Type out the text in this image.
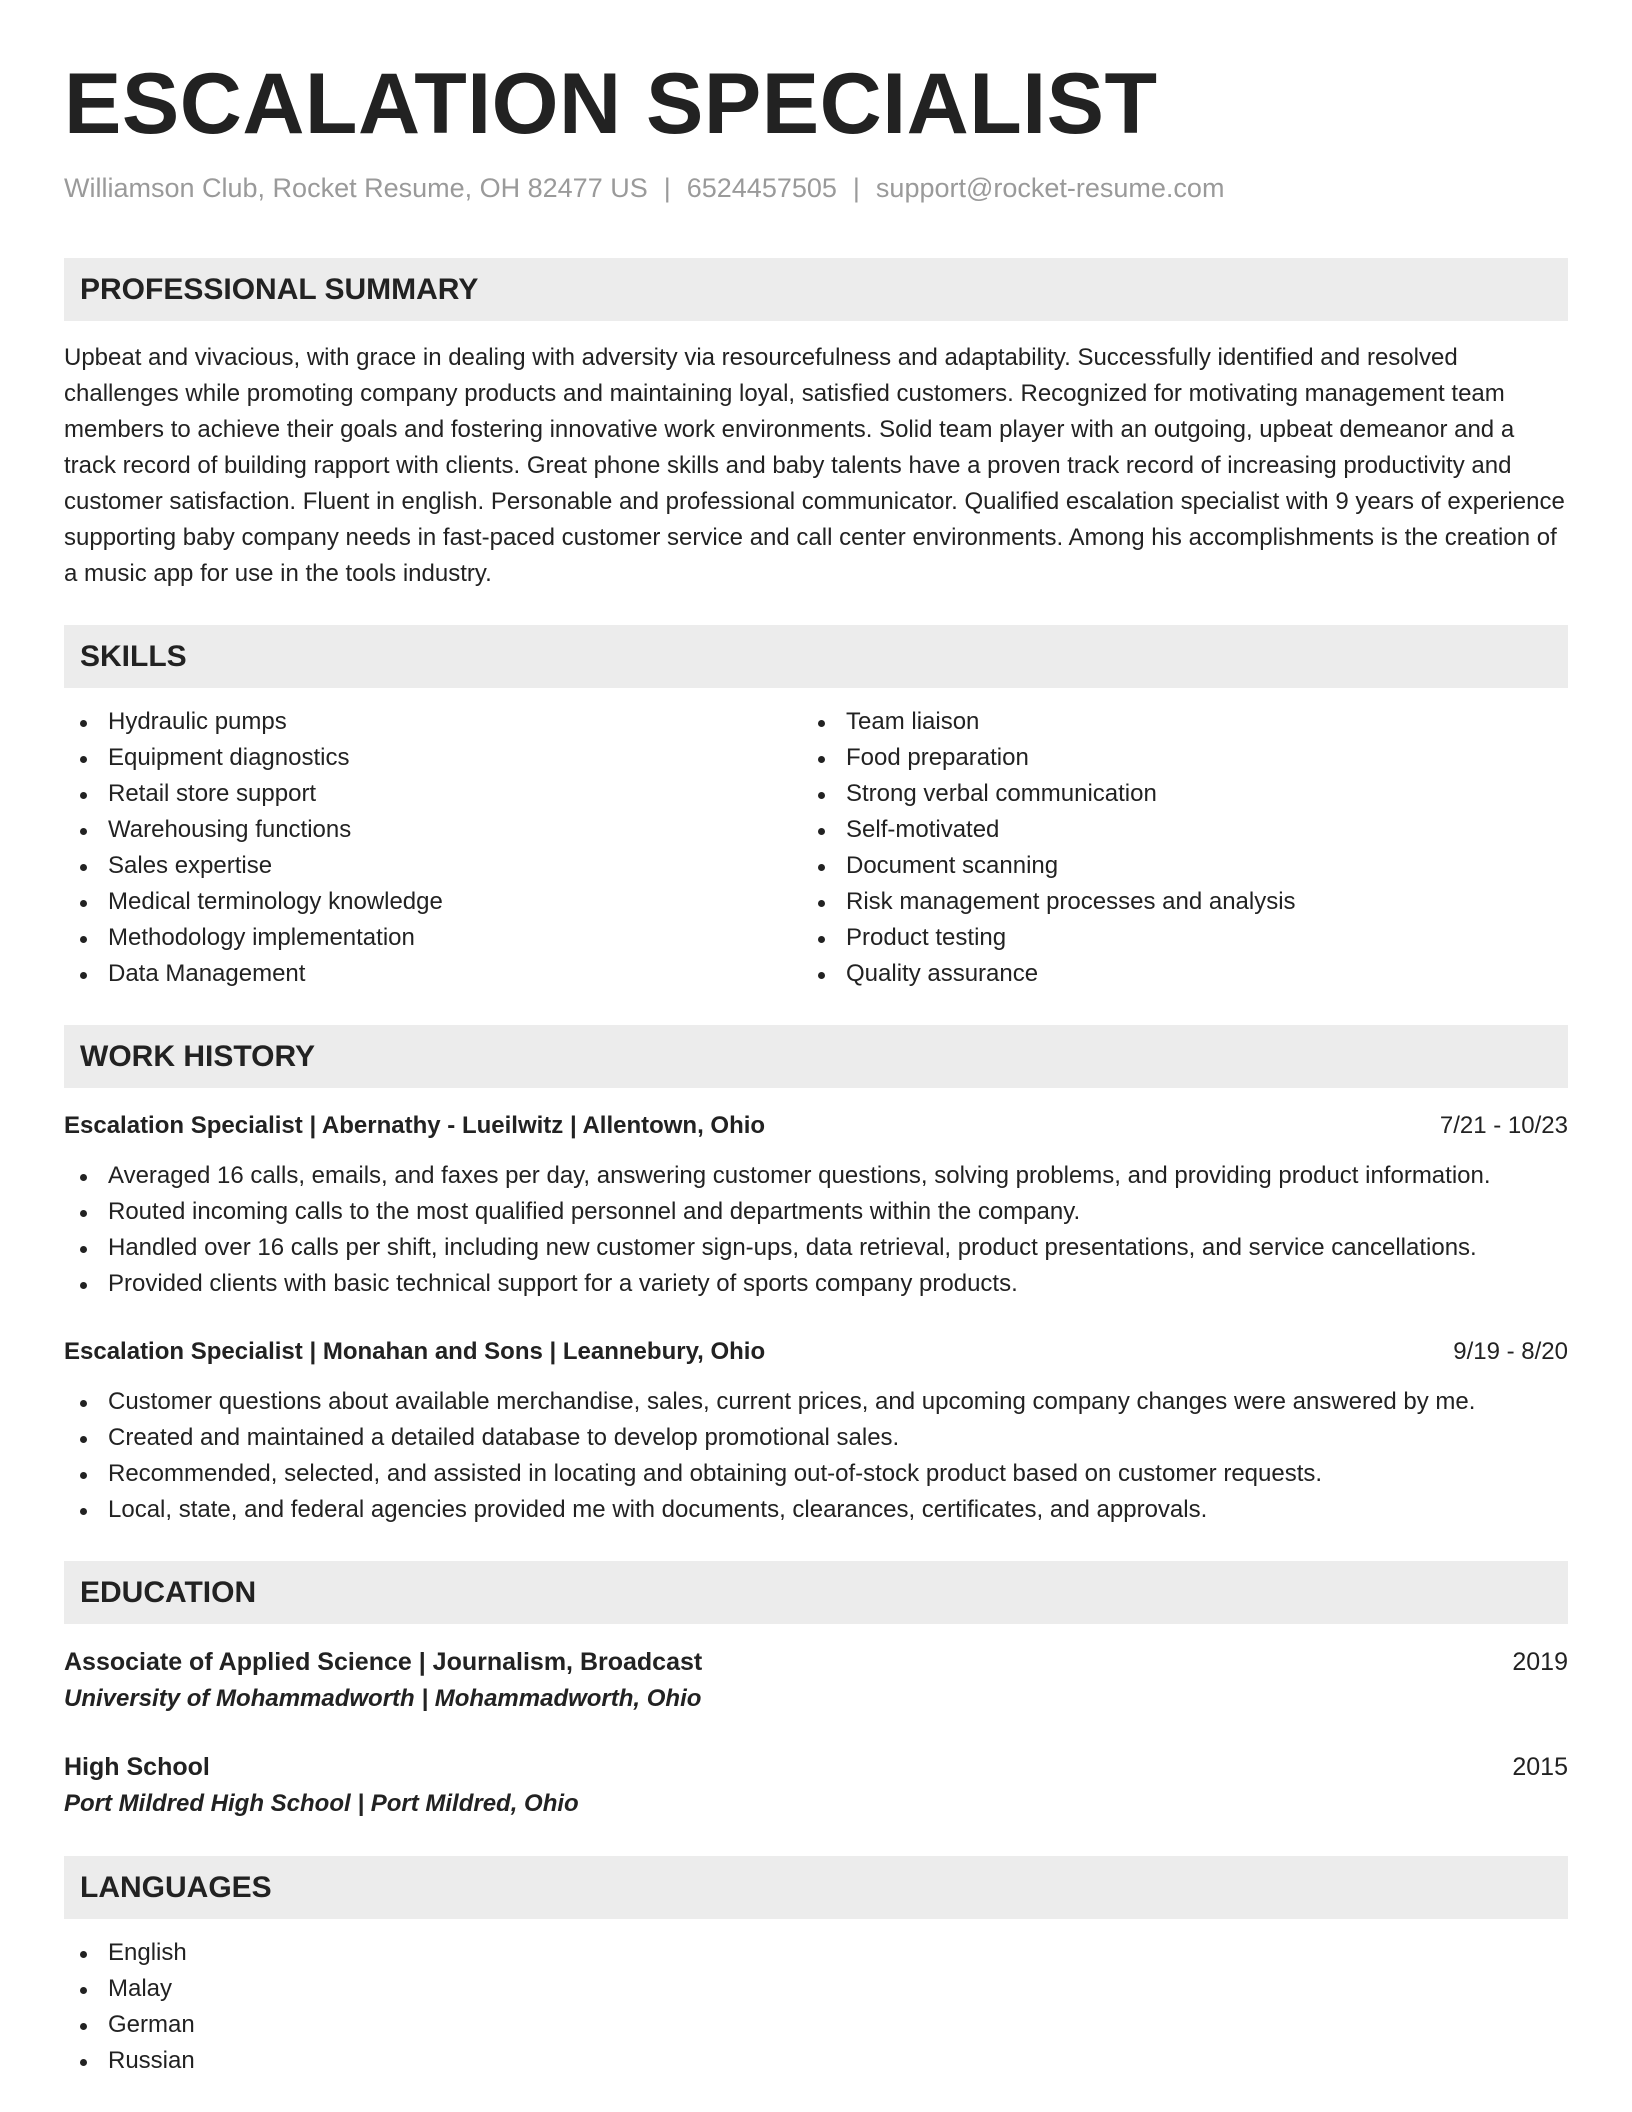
ESCALATION SPECIALIST
Williamson Club, Rocket Resume, OH 82477 US | 6524457505 | support@rocket-resume.com
PROFESSIONAL SUMMARY

Upbeat and vivacious, with grace in dealing with adversity via resourcefulness and adaptability. Successfully identified and resolved challenges while promoting company products and maintaining loyal, satisfied customers. Recognized for motivating management team members to achieve their goals and fostering innovative work environments. Solid team player with an outgoing, upbeat demeanor and a track record of building rapport with clients. Great phone skills and baby talents have a proven track record of increasing productivity and customer satisfaction. Fluent in english. Personable and professional communicator. Qualified escalation specialist with 9 years of experience supporting baby company needs in fast-paced customer service and call center environments. Among his accomplishments is the creation of a music app for use in the tools industry.

SKILLS
Hydraulic pumps
Equipment diagnostics
Retail store support
Warehousing functions
Sales expertise
Medical terminology knowledge
Methodology implementation
Data Management
Team liaison
Food preparation
Strong verbal communication
Self-motivated
Document scanning
Risk management processes and analysis
Product testing
Quality assurance
WORK HISTORY
Escalation Specialist | Abernathy - Lueilwitz | Allentown, Ohio	7/21 - 10/23
Averaged 16 calls, emails, and faxes per day, answering customer questions, solving problems, and providing product information.
Routed incoming calls to the most qualified personnel and departments within the company.
Handled over 16 calls per shift, including new customer sign-ups, data retrieval, product presentations, and service cancellations.
Provided clients with basic technical support for a variety of sports company products.
Escalation Specialist | Monahan and Sons | Leannebury, Ohio	9/19 - 8/20
Customer questions about available merchandise, sales, current prices, and upcoming company changes were answered by me.
Created and maintained a detailed database to develop promotional sales.
Recommended, selected, and assisted in locating and obtaining out-of-stock product based on customer requests.
Local, state, and federal agencies provided me with documents, clearances, certificates, and approvals.
EDUCATION
Associate of Applied Science | Journalism, Broadcast	2019
University of Mohammadworth | Mohammadworth, Ohio
High School	2015
Port Mildred High School | Port Mildred, Ohio
LANGUAGES
English
Malay
German
Russian
